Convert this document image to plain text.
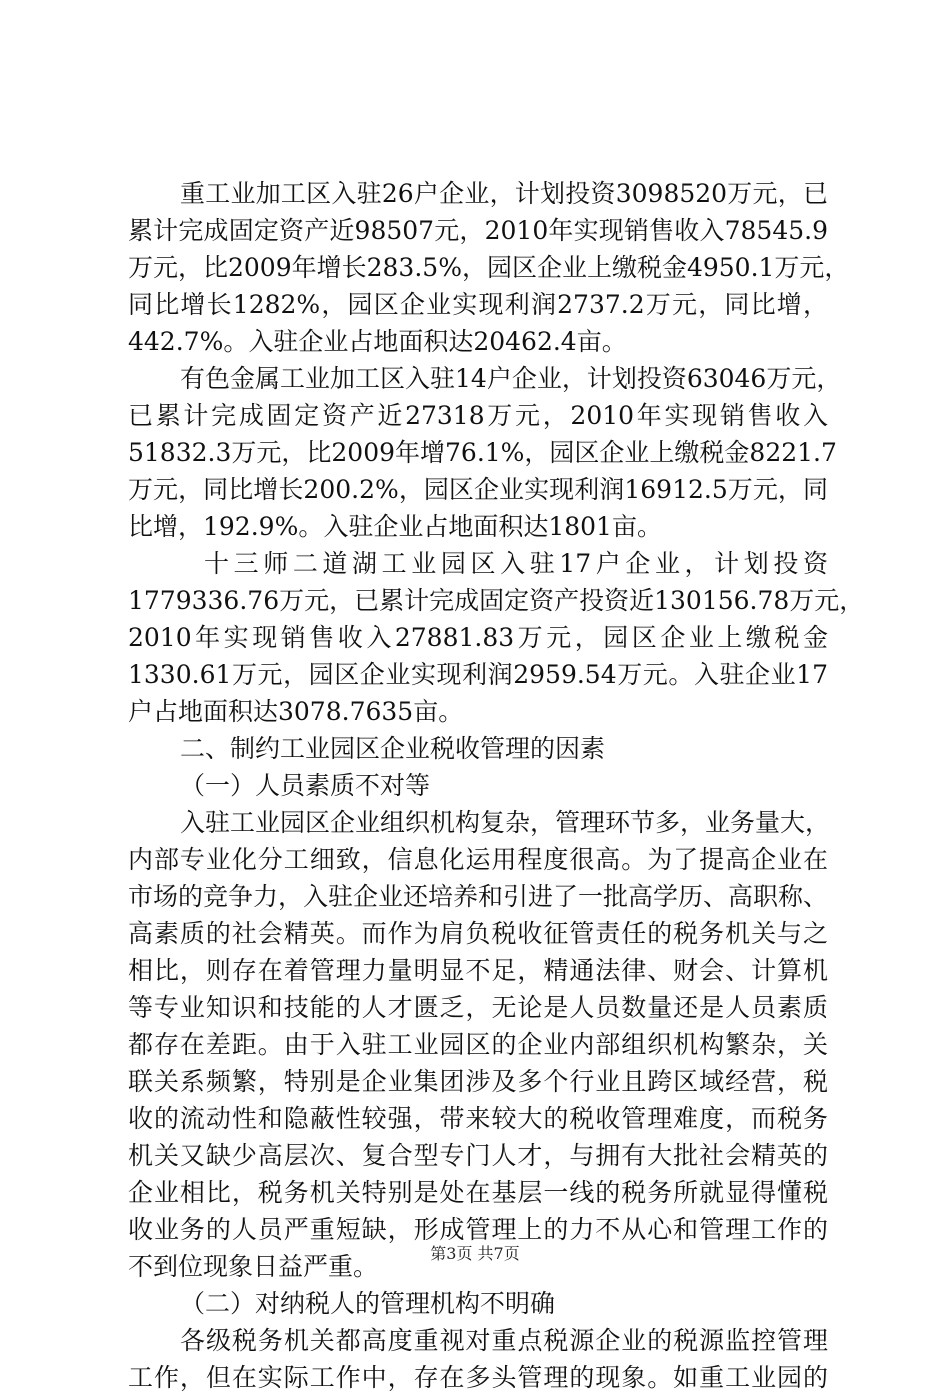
重工业加工区入驻26户企业，计划投资3098520万元，已
累计完成固定资产近98507元，2010年实现销售收入78545.9
万元，比2009年增长283.5%，园区企业上缴税金4950.1万元，
同比增长1282%，园区企业实现利润2737.2万元，同比增，
442.7%。入驻企业占地面积达20462.4亩。
有色金属工业加工区入驻14户企业，计划投资63046万元，
已累计完成固定资产近27318万元，2010年实现销售收入
51832.3万元，比2009年增76.1%，园区企业上缴税金8221.7
万元，同比增长200.2%，园区企业实现利润16912.5万元，同
比增，192.9%。入驻企业占地面积达1801亩。
十三师二道湖工业园区入驻17户企业，计划投资
1779336.76万元，已累计完成固定资产投资近130156.78万元，
2010年实现销售收入27881.83万元，园区企业上缴税金
1330.61万元，园区企业实现利润2959.54万元。入驻企业17
户占地面积达3078.7635亩。
二、制约工业园区企业税收管理的因素
（一）人员素质不对等
入驻工业园区企业组织机构复杂，管理环节多，业务量大，
内部专业化分工细致，信息化运用程度很高。为了提高企业在
市场的竞争力，入驻企业还培养和引进了一批高学历、高职称、
高素质的社会精英。而作为肩负税收征管责任的税务机关与之
相比，则存在着管理力量明显不足，精通法律、财会、计算机
等专业知识和技能的人才匮乏，无论是人员数量还是人员素质
都存在差距。由于入驻工业园区的企业内部组织机构繁杂，关
联关系频繁，特别是企业集团涉及多个行业且跨区域经营，税
收的流动性和隐蔽性较强，带来较大的税收管理难度，而税务
机关又缺少高层次、复合型专门人才，与拥有大批社会精英的
企业相比，税务机关特别是处在基层一线的税务所就显得懂税
收业务的人员严重短缺，形成管理上的力不从心和管理工作的
不到位现象日益严重。
（二）对纳税人的管理机构不明确
各级税务机关都高度重视对重点税源企业的税源监控管理
工作，但在实际工作中，存在多头管理的现象。如重工业园的
第3页 共7页
